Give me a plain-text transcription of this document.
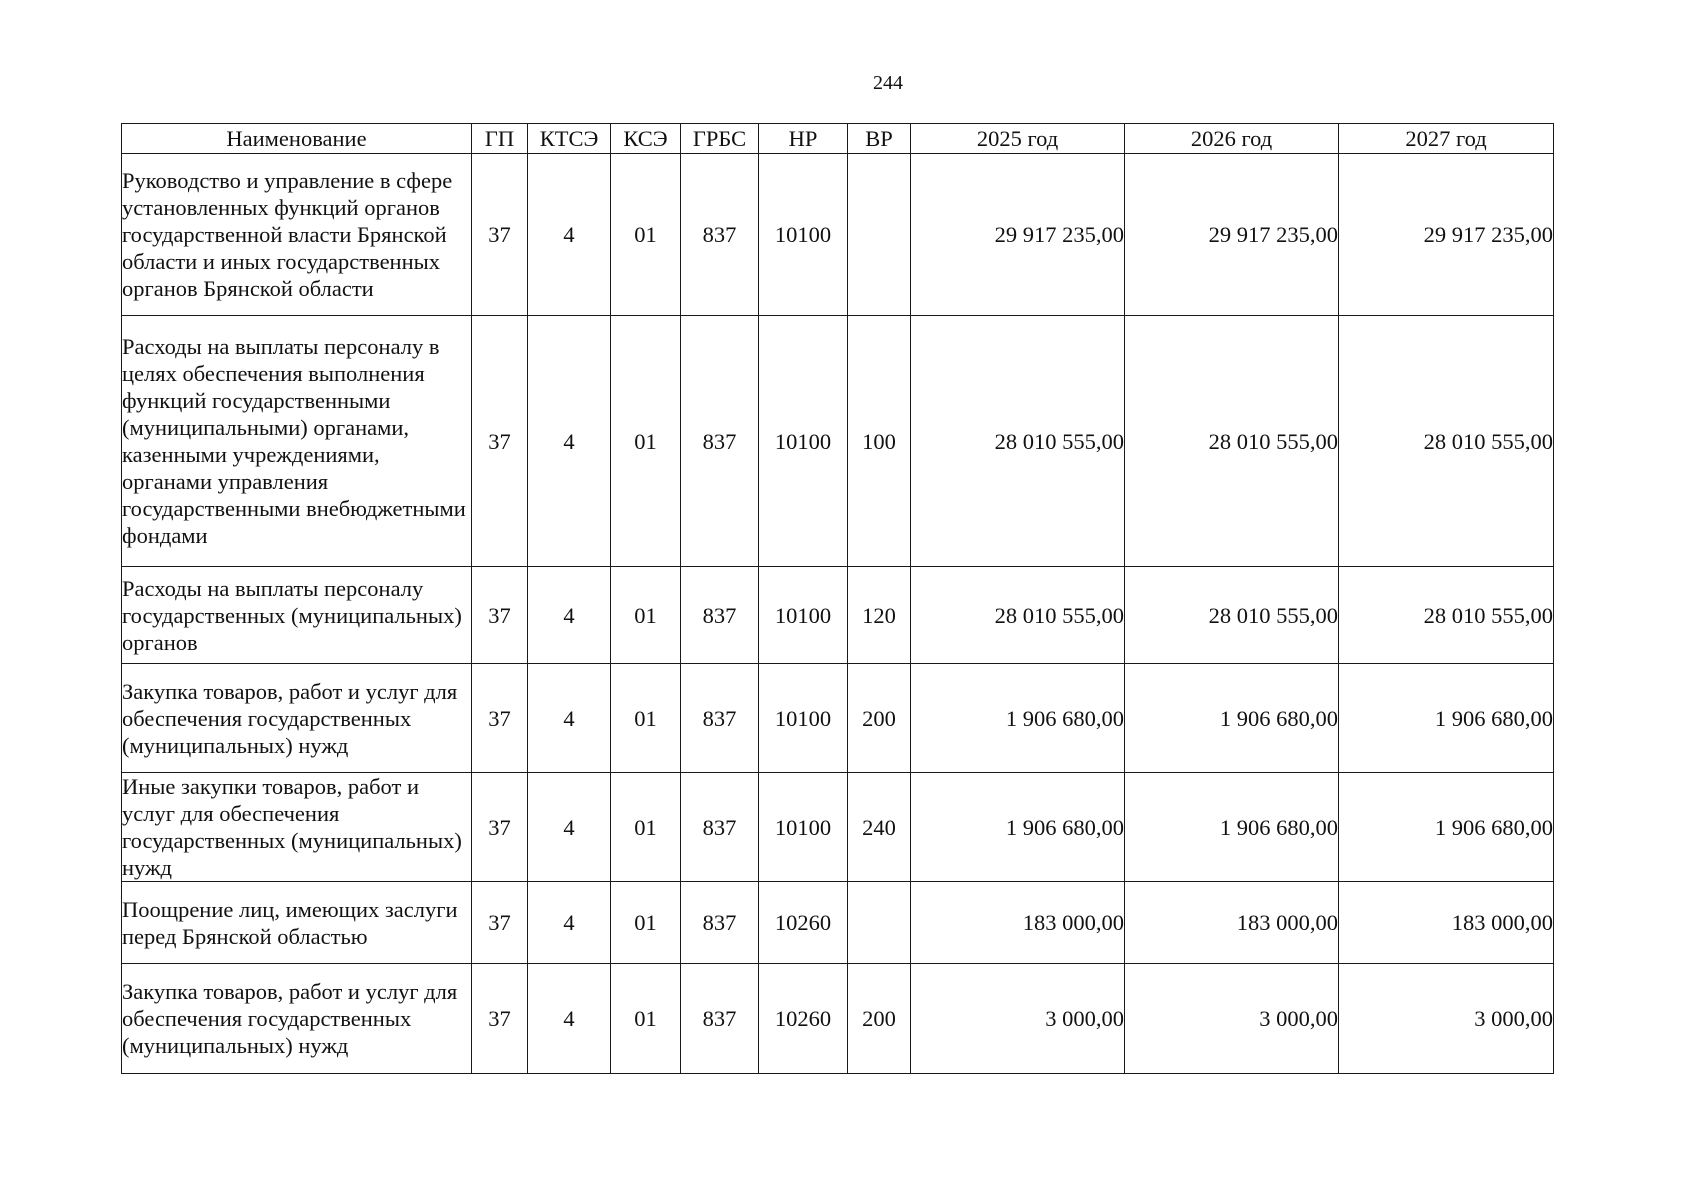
244
Наименование	ГП	КТСЭ	КСЭ	ГРБС	НР	ВР	2025 год	2026 год	2027 год
Руководство и управление в сфере установленных функций органов государственной власти Брянской области и иных государственных органов Брянской области	37	4	01	837	10100		29 917 235,00	29 917 235,00	29 917 235,00
Расходы на выплаты персоналу в целях обеспечения выполнения функций государственными (муниципальными) органами, казенными учреждениями, органами управления государственными внебюджетными фондами	37	4	01	837	10100	100	28 010 555,00	28 010 555,00	28 010 555,00
Расходы на выплаты персоналу государственных (муниципальных) органов	37	4	01	837	10100	120	28 010 555,00	28 010 555,00	28 010 555,00
Закупка товаров, работ и услуг для обеспечения государственных (муниципальных) нужд	37	4	01	837	10100	200	1 906 680,00	1 906 680,00	1 906 680,00
Иные закупки товаров, работ и услуг для обеспечения государственных (муниципальных) нужд	37	4	01	837	10100	240	1 906 680,00	1 906 680,00	1 906 680,00
Поощрение лиц, имеющих заслуги перед Брянской областью	37	4	01	837	10260		183 000,00	183 000,00	183 000,00
Закупка товаров, работ и услуг для обеспечения государственных (муниципальных) нужд	37	4	01	837	10260	200	3 000,00	3 000,00	3 000,00
